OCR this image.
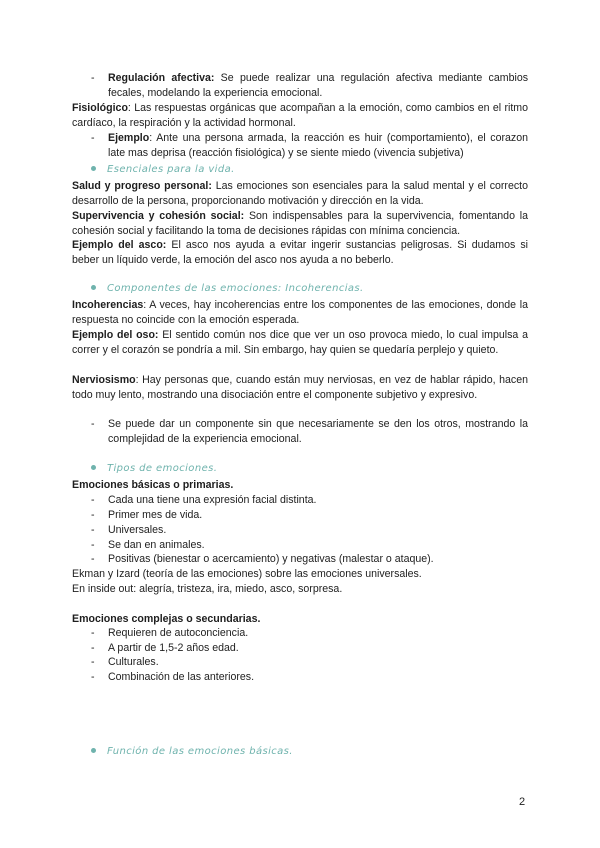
- Regulación afectiva: Se puede realizar una regulación afectiva mediante cambios fecales, modelando la experiencia emocional.

Fisiológico: Las respuestas orgánicas que acompañan a la emoción, como cambios en el ritmo cardíaco, la respiración y la actividad hormonal.

- Ejemplo: Ante una persona armada, la reacción es huir (comportamiento), el corazon late mas deprisa (reacción fisiológica) y se siente miedo (vivencia subjetiva)

Esenciales para la vida.

Salud y progreso personal: Las emociones son esenciales para la salud mental y el correcto desarrollo de la persona, proporcionando motivación y dirección en la vida.

Supervivencia y cohesión social: Son indispensables para la supervivencia, fomentando la cohesión social y facilitando la toma de decisiones rápidas con mínima conciencia.

Ejemplo del asco: El asco nos ayuda a evitar ingerir sustancias peligrosas. Si dudamos si beber un líquido verde, la emoción del asco nos ayuda a no beberlo.

Componentes de las emociones: Incoherencias.

Incoherencias: A veces, hay incoherencias entre los componentes de las emociones, donde la respuesta no coincide con la emoción esperada.

Ejemplo del oso: El sentido común nos dice que ver un oso provoca miedo, lo cual impulsa a correr y el corazón se pondría a mil. Sin embargo, hay quien se quedaría perplejo y quieto.

Nerviosismo: Hay personas que, cuando están muy nerviosas, en vez de hablar rápido, hacen todo muy lento, mostrando una disociación entre el componente subjetivo y expresivo.

- Se puede dar un componente sin que necesariamente se den los otros, mostrando la complejidad de la experiencia emocional.

Tipos de emociones.
Emociones básicas o primarias.
- Cada una tiene una expresión facial distinta.

- Primer mes de vida.

- Universales.

- Se dan en animales.

- Positivas (bienestar o acercamiento) y negativas (malestar o ataque).

Ekman y Izard (teoría de las emociones) sobre las emociones universales.

En inside out: alegría, tristeza, ira, miedo, asco, sorpresa.

Emociones complejas o secundarias.
- Requieren de autoconciencia.

- A partir de 1,5-2 años edad.

- Culturales.

- Combinación de las anteriores.

Función de las emociones básicas.
2
